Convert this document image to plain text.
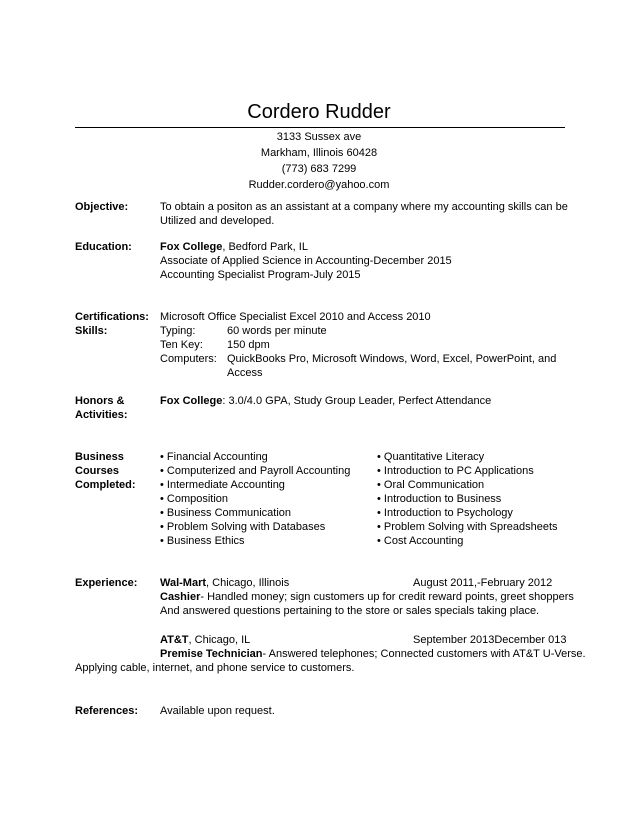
Cordero Rudder
3133 Sussex ave
Markham, Illinois 60428
(773) 683 7299
Rudder.cordero@yahoo.com
Objective:	To obtain a positon as an assistant at a company where my accounting skills can be
Utilized and developed.
Education:	Fox College, Bedford Park, IL
Associate of Applied Science in Accounting-December 2015
Accounting Specialist Program-July 2015
Certifications: Microsoft Office Specialist Excel 2010 and Access 2010
Skills:	Typing:	60 words per minute
Ten Key: 150 dpm
Computers: QuickBooks Pro, Microsoft Windows, Word, Excel, PowerPoint, and
Access
Honors &
Activities:
Fox College: 3.0/4.0 GPA, Study Group Leader, Perfect Attendance
Business
Courses
Completed:
• Financial Accounting
• Computerized and Payroll Accounting
• Intermediate Accounting
• Composition
• Business Communication
• Problem Solving with Databases
• Business Ethics
• Quantitative Literacy
• Introduction to PC Applications
• Oral Communication
• Introduction to Business
• Introduction to Psychology
• Problem Solving with Spreadsheets
• Cost Accounting
Experience: Wal-Mart, Chicago, Illinois	August 2011,-February 2012
Cashier- Handled money; sign customers up for credit reward points, greet shoppers
And answered questions pertaining to the store or sales specials taking place.
AT&T, Chicago, IL	September 2013December 013
Premise Technician- Answered telephones; Connected customers with AT&T U-Verse.
Applying cable, internet, and phone service to customers.
References: Available upon request.
